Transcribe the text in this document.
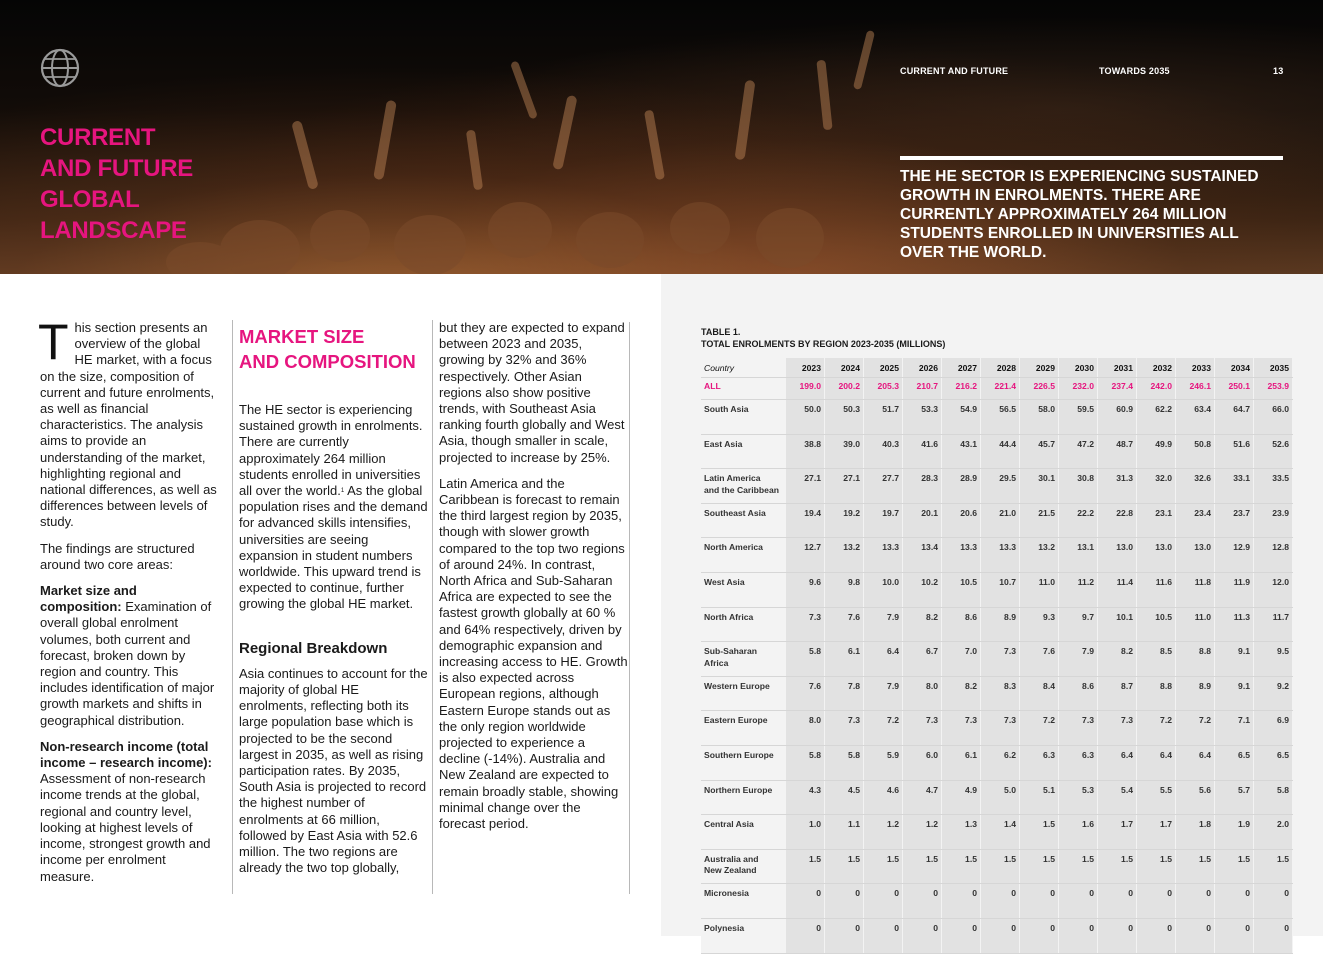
CURRENT
AND FUTURE
GLOBAL
LANDSCAPE
CURRENT AND FUTURE	TOWARDS 2035	13
THE HE SECTOR IS EXPERIENCING SUSTAINED GROWTH IN ENROLMENTS. THERE ARE CURRENTLY APPROXIMATELY 264 MILLION STUDENTS ENROLLED IN UNIVERSITIES ALL OVER THE WORLD.

This section presents an overview of the global HE market, with a focus on the size, composition of current and future enrolments, as well as financial characteristics. The analysis aims to provide an understanding of the market, highlighting regional and national differences, as well as differences between levels of study.

The findings are structured around two core areas:

Market size and composition: Examination of overall global enrolment volumes, both current and forecast, broken down by region and country. This includes identification of major growth markets and shifts in geographical distribution.

Non-research income (total income – research income): Assessment of non-research income trends at the global, regional and country level, looking at highest levels of income, strongest growth and income per enrolment measure.

MARKET SIZE
AND COMPOSITION

The HE sector is experiencing sustained growth in enrolments. There are currently approximately 264 million students enrolled in universities all over the world.$^1$ As the global population rises and the demand for advanced skills intensifies, universities are seeing expansion in student numbers worldwide. This upward trend is expected to continue, further growing the global HE market.

Regional Breakdown

Asia continues to account for the majority of global HE enrolments, reflecting both its large population base which is projected to be the second largest in 2035, as well as rising participation rates. By 2035, South Asia is projected to record the highest number of enrolments at 66 million, followed by East Asia with 52.6 million. The two regions are already the two top globally,

but they are expected to expand between 2023 and 2035, growing by 32% and 36% respectively. Other Asian regions also show positive trends, with Southeast Asia ranking fourth globally and West Asia, though smaller in scale, projected to increase by 25%.

Latin America and the Caribbean is forecast to remain the third largest region by 2035, though with slower growth compared to the top two regions of around 24%. In contrast, North Africa and Sub-Saharan Africa are expected to see the fastest growth globally at 60 % and 64% respectively, driven by demographic expansion and increasing access to HE. Growth is also expected across European regions, although Eastern Europe stands out as the only region worldwide projected to experience a decline (-14%). Australia and New Zealand are expected to remain broadly stable, showing minimal change over the forecast period.

TABLE 1.
TOTAL ENROLMENTS BY REGION 2023-2035 (MILLIONS)
Country	2023	2024	2025	2026	2027	2028	2029	2030	2031	2032	2033	2034	2035

ALL	199.0	200.2	205.3	210.7	216.2	221.4	226.5	232.0	237.4	242.0	246.1	250.1	253.9

South Asia	50.0	50.3	51.7	53.3	54.9	56.5	58.0	59.5	60.9	62.2	63.4	64.7	66.0

East Asia	38.8	39.0	40.3	41.6	43.1	44.4	45.7	47.2	48.7	49.9	50.8	51.6	52.6

Latin America
and the Caribbean	27.1	27.1	27.7	28.3	28.9	29.5	30.1	30.8	31.3	32.0	32.6	33.1	33.5

Southeast Asia	19.4	19.2	19.7	20.1	20.6	21.0	21.5	22.2	22.8	23.1	23.4	23.7	23.9

North America	12.7	13.2	13.3	13.4	13.3	13.3	13.2	13.1	13.0	13.0	13.0	12.9	12.8

West Asia	9.6	9.8	10.0	10.2	10.5	10.7	11.0	11.2	11.4	11.6	11.8	11.9	12.0

North Africa	7.3	7.6	7.9	8.2	8.6	8.9	9.3	9.7	10.1	10.5	11.0	11.3	11.7

Sub-Saharan
Africa	5.8	6.1	6.4	6.7	7.0	7.3	7.6	7.9	8.2	8.5	8.8	9.1	9.5

Western Europe	7.6	7.8	7.9	8.0	8.2	8.3	8.4	8.6	8.7	8.8	8.9	9.1	9.2

Eastern Europe	8.0	7.3	7.2	7.3	7.3	7.3	7.2	7.3	7.3	7.2	7.2	7.1	6.9

Southern Europe	5.8	5.8	5.9	6.0	6.1	6.2	6.3	6.3	6.4	6.4	6.4	6.5	6.5

Northern Europe	4.3	4.5	4.6	4.7	4.9	5.0	5.1	5.3	5.4	5.5	5.6	5.7	5.8

Central Asia	1.0	1.1	1.2	1.2	1.3	1.4	1.5	1.6	1.7	1.7	1.8	1.9	2.0

Australia and
New Zealand	1.5	1.5	1.5	1.5	1.5	1.5	1.5	1.5	1.5	1.5	1.5	1.5	1.5

Micronesia	0	0	0	0	0	0	0	0	0	0	0	0	0

Polynesia	0	0	0	0	0	0	0	0	0	0	0	0	0
